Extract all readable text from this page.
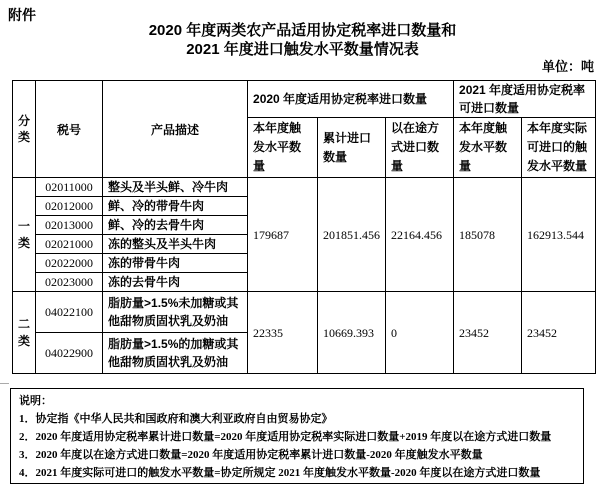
附件
2020 年度两类农产品适用协定税率进口数量和
2021 年度进口触发水平数量情况表
单位：吨
分类	税号	产品描述	2020 年度适用协定税率进口数量			2021 年度适用协定税率可进口数量	
			本年度触发水平数量	累计进口数量	以在途方式进口数量	本年度触发水平数量	本年度实际可进口的触发水平数量
一类	02011000	整头及半头鲜、冷牛肉	179687	201851.456	22164.456	185078	162913.544
	02012000	鲜、冷的带骨牛肉					
	02013000	鲜、冷的去骨牛肉					
	02021000	冻的整头及半头牛肉					
	02022000	冻的带骨牛肉					
	02023000	冻的去骨牛肉					
二类	04022100	脂肪量>1.5%未加糖或其他甜物质固状乳及奶油	22335	10669.393	0	23452	23452
	04022900	脂肪量>1.5%的加糖或其他甜物质固状乳及奶油					
说明：
1．协定指《中华人民共和国政府和澳大利亚政府自由贸易协定》
2．2020 年度适用协定税率累计进口数量=2020 年度适用协定税率实际进口数量+2019 年度以在途方式进口数量
3．2020 年度以在途方式进口数量=2020 年度适用协定税率累计进口数量-2020 年度触发水平数量
4．2021 年度实际可进口的触发水平数量=协定所规定 2021 年度触发水平数量-2020 年度以在途方式进口数量
